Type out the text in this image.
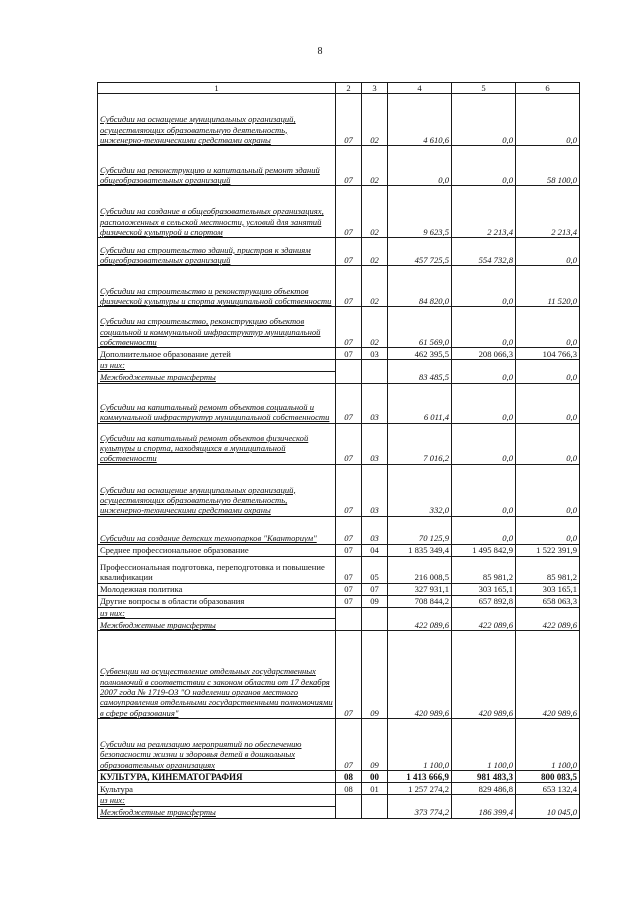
8
1	2	3	4	5	6
Субсидии на оснащение муниципальных организаций, осуществляющих образовательную деятельность, инженерно-техническими средствами охраны	07	02	4 610,6	0,0	0,0
Субсидии на реконструкцию и капитальный ремонт зданий общеобразовательных организаций	07	02	0,0	0,0	58 100,0
Субсидии на создание в общеобразовательных организациях, расположенных в сельской местности, условий для занятий физической культурой и спортом	07	02	9 623,5	2 213,4	2 213,4
Субсидии на строительство зданий, пристроя к зданиям общеобразовательных организаций	07	02	457 725,5	554 732,8	0,0
Субсидии на строительство и реконструкцию объектов физической культуры и спорта муниципальной собственности	07	02	84 820,0	0,0	11 520,0
Субсидии на строительство, реконструкцию объектов социальной и коммунальной инфраструктур муниципальной собственности	07	02	61 569,0	0,0	0,0
Дополнительное образование детей	07	03	462 395,5	208 066,3	104 766,3
из них:					
Межбюджетные трансферты			83 485,5	0,0	0,0
Субсидии на капитальный ремонт объектов социальной и коммунальной инфраструктур муниципальной собственности	07	03	6 011,4	0,0	0,0
Субсидии на капитальный ремонт объектов физической культуры и спорта, находящихся в муниципальной собственности	07	03	7 016,2	0,0	0,0
Субсидии на оснащение муниципальных организаций, осуществляющих образовательную деятельность, инженерно-техническими средствами охраны	07	03	332,0	0,0	0,0
Субсидии на создание детских технопарков "Кванториум"	07	03	70 125,9	0,0	0,0
Среднее профессиональное образование	07	04	1 835 349,4	1 495 842,9	1 522 391,9
Профессиональная подготовка, переподготовка и повышение квалификации	07	05	216 008,5	85 981,2	85 981,2
Молодежная политика	07	07	327 931,1	303 165,1	303 165,1
Другие вопросы в области образования	07	09	708 844,2	657 892,8	658 063,3
из них:					
Межбюджетные трансферты			422 089,6	422 089,6	422 089,6
Субвенции на осуществление отдельных государственных полномочий в соответствии с законом области от 17 декабря 2007 года № 1719-ОЗ "О наделении органов местного самоуправления отдельными государственными полномочиями в сфере образования"	07	09	420 989,6	420 989,6	420 989,6
Субсидии на реализацию мероприятий по обеспечению безопасности жизни и здоровья детей в дошкольных образовательных организациях	07	09	1 100,0	1 100,0	1 100,0
КУЛЬТУРА, КИНЕМАТОГРАФИЯ	08	00	1 413 666,9	981 483,3	800 083,5
Культура	08	01	1 257 274,2	829 486,8	653 132,4
из них:					
Межбюджетные трансферты			373 774,2	186 399,4	10 045,0
